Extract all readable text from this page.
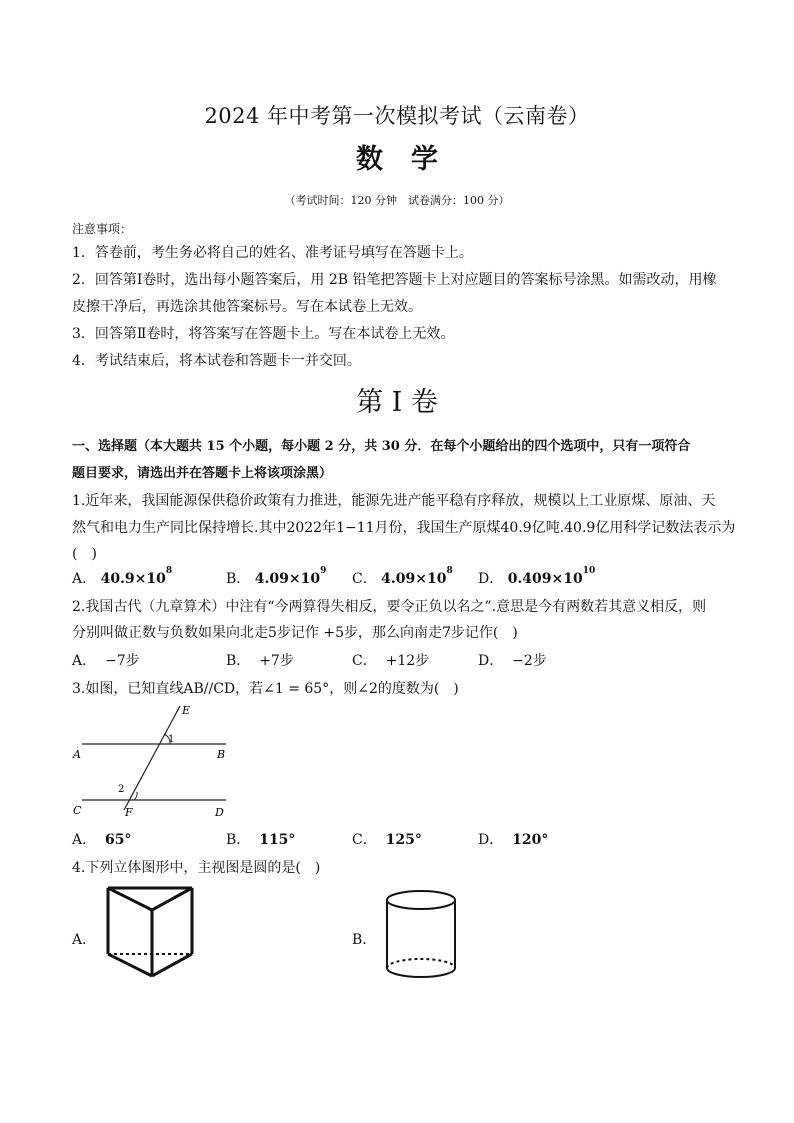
2024 年中考第一次模拟考试（云南卷）
数学
（考试时间：120 分钟　试卷满分：100 分）
注意事项：
1．答卷前，考生务必将自己的姓名、准考证号填写在答题卡上。
2．回答第Ⅰ卷时，选出每小题答案后，用 2B 铅笔把答题卡上对应题目的答案标号涂黑。如需改动，用橡
皮擦干净后，再选涂其他答案标号。写在本试卷上无效。
3．回答第Ⅱ卷时，将答案写在答题卡上。写在本试卷上无效。
4．考试结束后，将本试卷和答题卡一并交回。
第 I 卷
一、选择题（本大题共 15 个小题，每小题 2 分，共 30 分．在每个小题给出的四个选项中，只有一项符合
题目要求，请选出并在答题卡上将该项涂黑）
1.近年来，我国能源保供稳价政策有力推进，能源先进产能平稳有序释放，规模以上工业原煤、原油、天
然气和电力生产同比保持增长.其中2022年1−11月份，我国生产原煤40.9亿吨.40.9亿用科学记数法表示为
(　)
A． $40.9\times 10^8$	B． $4.09\times 10^9$ C． $4.09\times 10^8$ D． $0.409\times 10^{10}$
2.我国古代（九章算术）中注有“今两算得失相反，要令正负以名之”.意思是今有两数若其意义相反，则
分别叫做正数与负数如果向北走5步记作 +5步，那么向南走7步记作(　)
A． −7步	B． +7步	C． +12步	D． −2步
3.如图，已知直线AB//CD，若∠1 = 65°，则∠2的度数为(　)
E
A	B
C	D
F
1
2
A． 65°	B． 115°	C． 125°	D． 120°
4.下列立体图形中，主视图是圆的是(　)
A．	B．
